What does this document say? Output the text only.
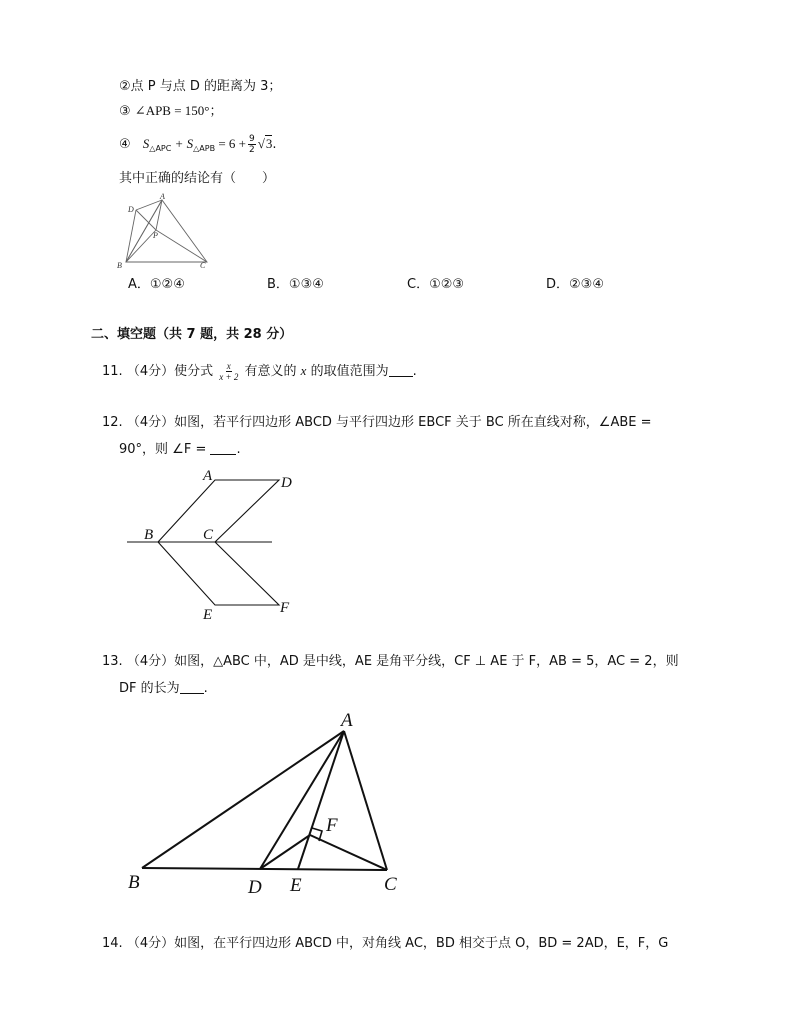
②点 P 与点 D 的距离为 3；
③ ∠APB = 150°；
④ $S_{\triangle APC} + S_{\triangle APB} = 6 + \frac{9}{2} √3$.
其中正确的结论有（　　）
A
D
P
B	C
A．①②④	B．①③④	C．①②③	D．②③④
二、填空题（共 7 题，共 28 分）
11. （4分）使分式 $\frac{x}{x + 2}$ 有意义的 x 的取值范围为 .
12. （4分）如图，若平行四边形 ABCD 与平行四边形 EBCF 关于 BC 所在直线对称，∠ABE =
90°，则 ∠F = .
A	D
B	C
E	F
13. （4分）如图，△ABC 中，AD 是中线，AE 是角平分线，CF ⊥ AE 于 F，AB = 5，AC = 2，则
DF 的长为 .
A
F
B	D E	C
14. （4分）如图，在平行四边形 ABCD 中，对角线 AC，BD 相交于点 O，BD = 2AD，E，F，G
